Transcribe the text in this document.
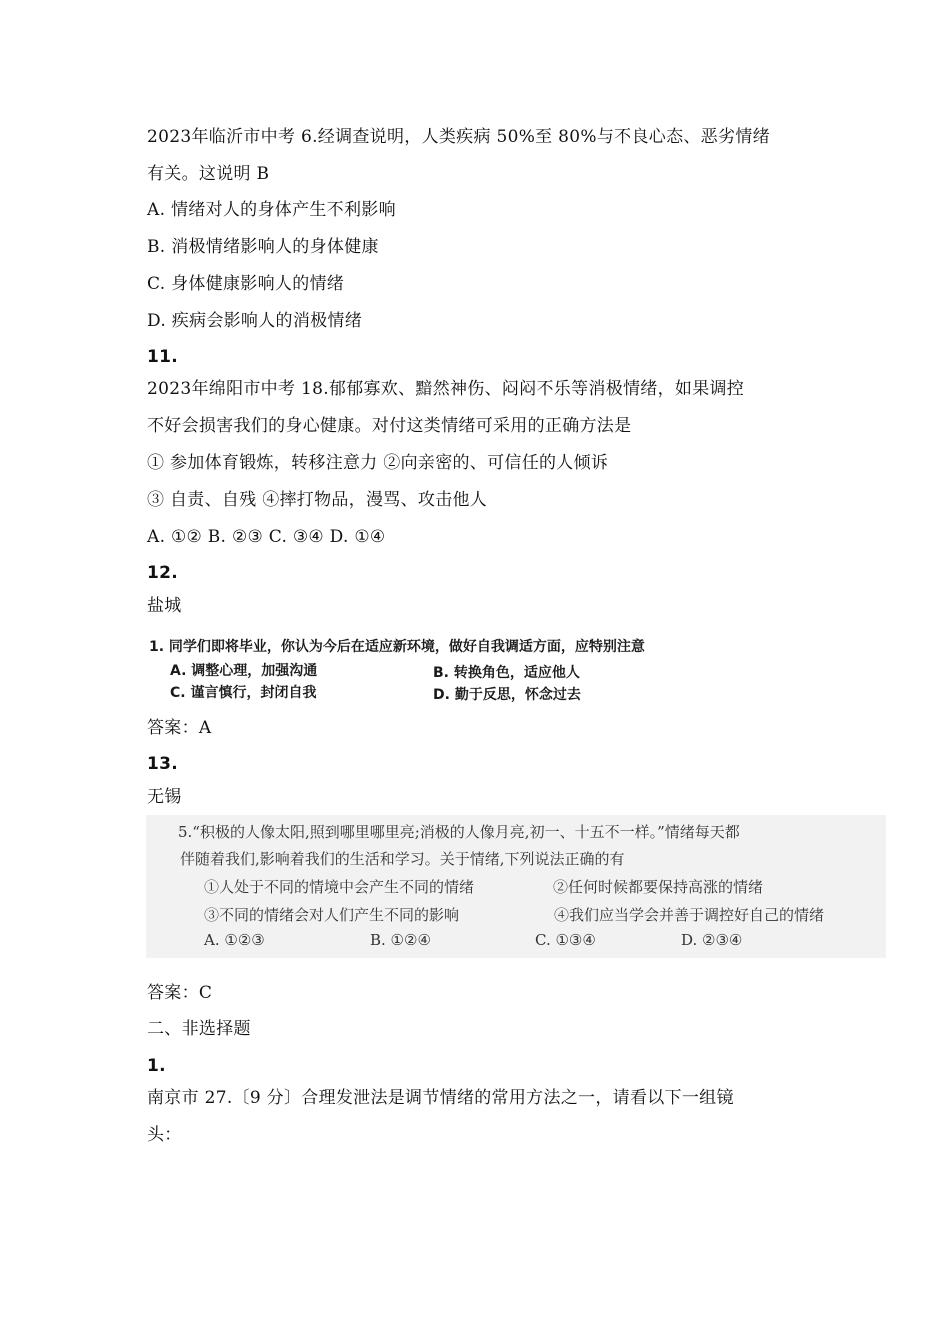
2023年临沂市中考 6.经调查说明，人类疾病 50%至 80%与不良心态、恶劣情绪
有关。这说明 B
A. 情绪对人的身体产生不利影响
B. 消极情绪影响人的身体健康
C. 身体健康影响人的情绪
D. 疾病会影响人的消极情绪
11.
2023年绵阳市中考 18.郁郁寡欢、黯然神伤、闷闷不乐等消极情绪，如果调控
不好会损害我们的身心健康。对付这类情绪可采用的正确方法是
① 参加体育锻炼，转移注意力 ②向亲密的、可信任的人倾诉
③ 自责、自残 ④摔打物品，漫骂、攻击他人
A. ①② B. ②③ C. ③④ D. ①④
12.
盐城
1. 同学们即将毕业，你认为今后在适应新环境，做好自我调适方面，应特别注意
A. 调整心理，加强沟通	B. 转换角色，适应他人
C. 谨言慎行，封闭自我	D. 勤于反思，怀念过去
答案：A
13.
无锡
5.“积极的人像太阳,照到哪里哪里亮;消极的人像月亮,初一、十五不一样。”情绪每天都
伴随着我们,影响着我们的生活和学习。关于情绪,下列说法正确的有
①人处于不同的情境中会产生不同的情绪	②任何时候都要保持高涨的情绪
③不同的情绪会对人们产生不同的影响	④我们应当学会并善于调控好自己的情绪
A. ①②③	B. ①②④	C. ①③④	D. ②③④
答案：C
二、非选择题
1.
南京市 27.〔9 分〕合理发泄法是调节情绪的常用方法之一，请看以下一组镜
头：
